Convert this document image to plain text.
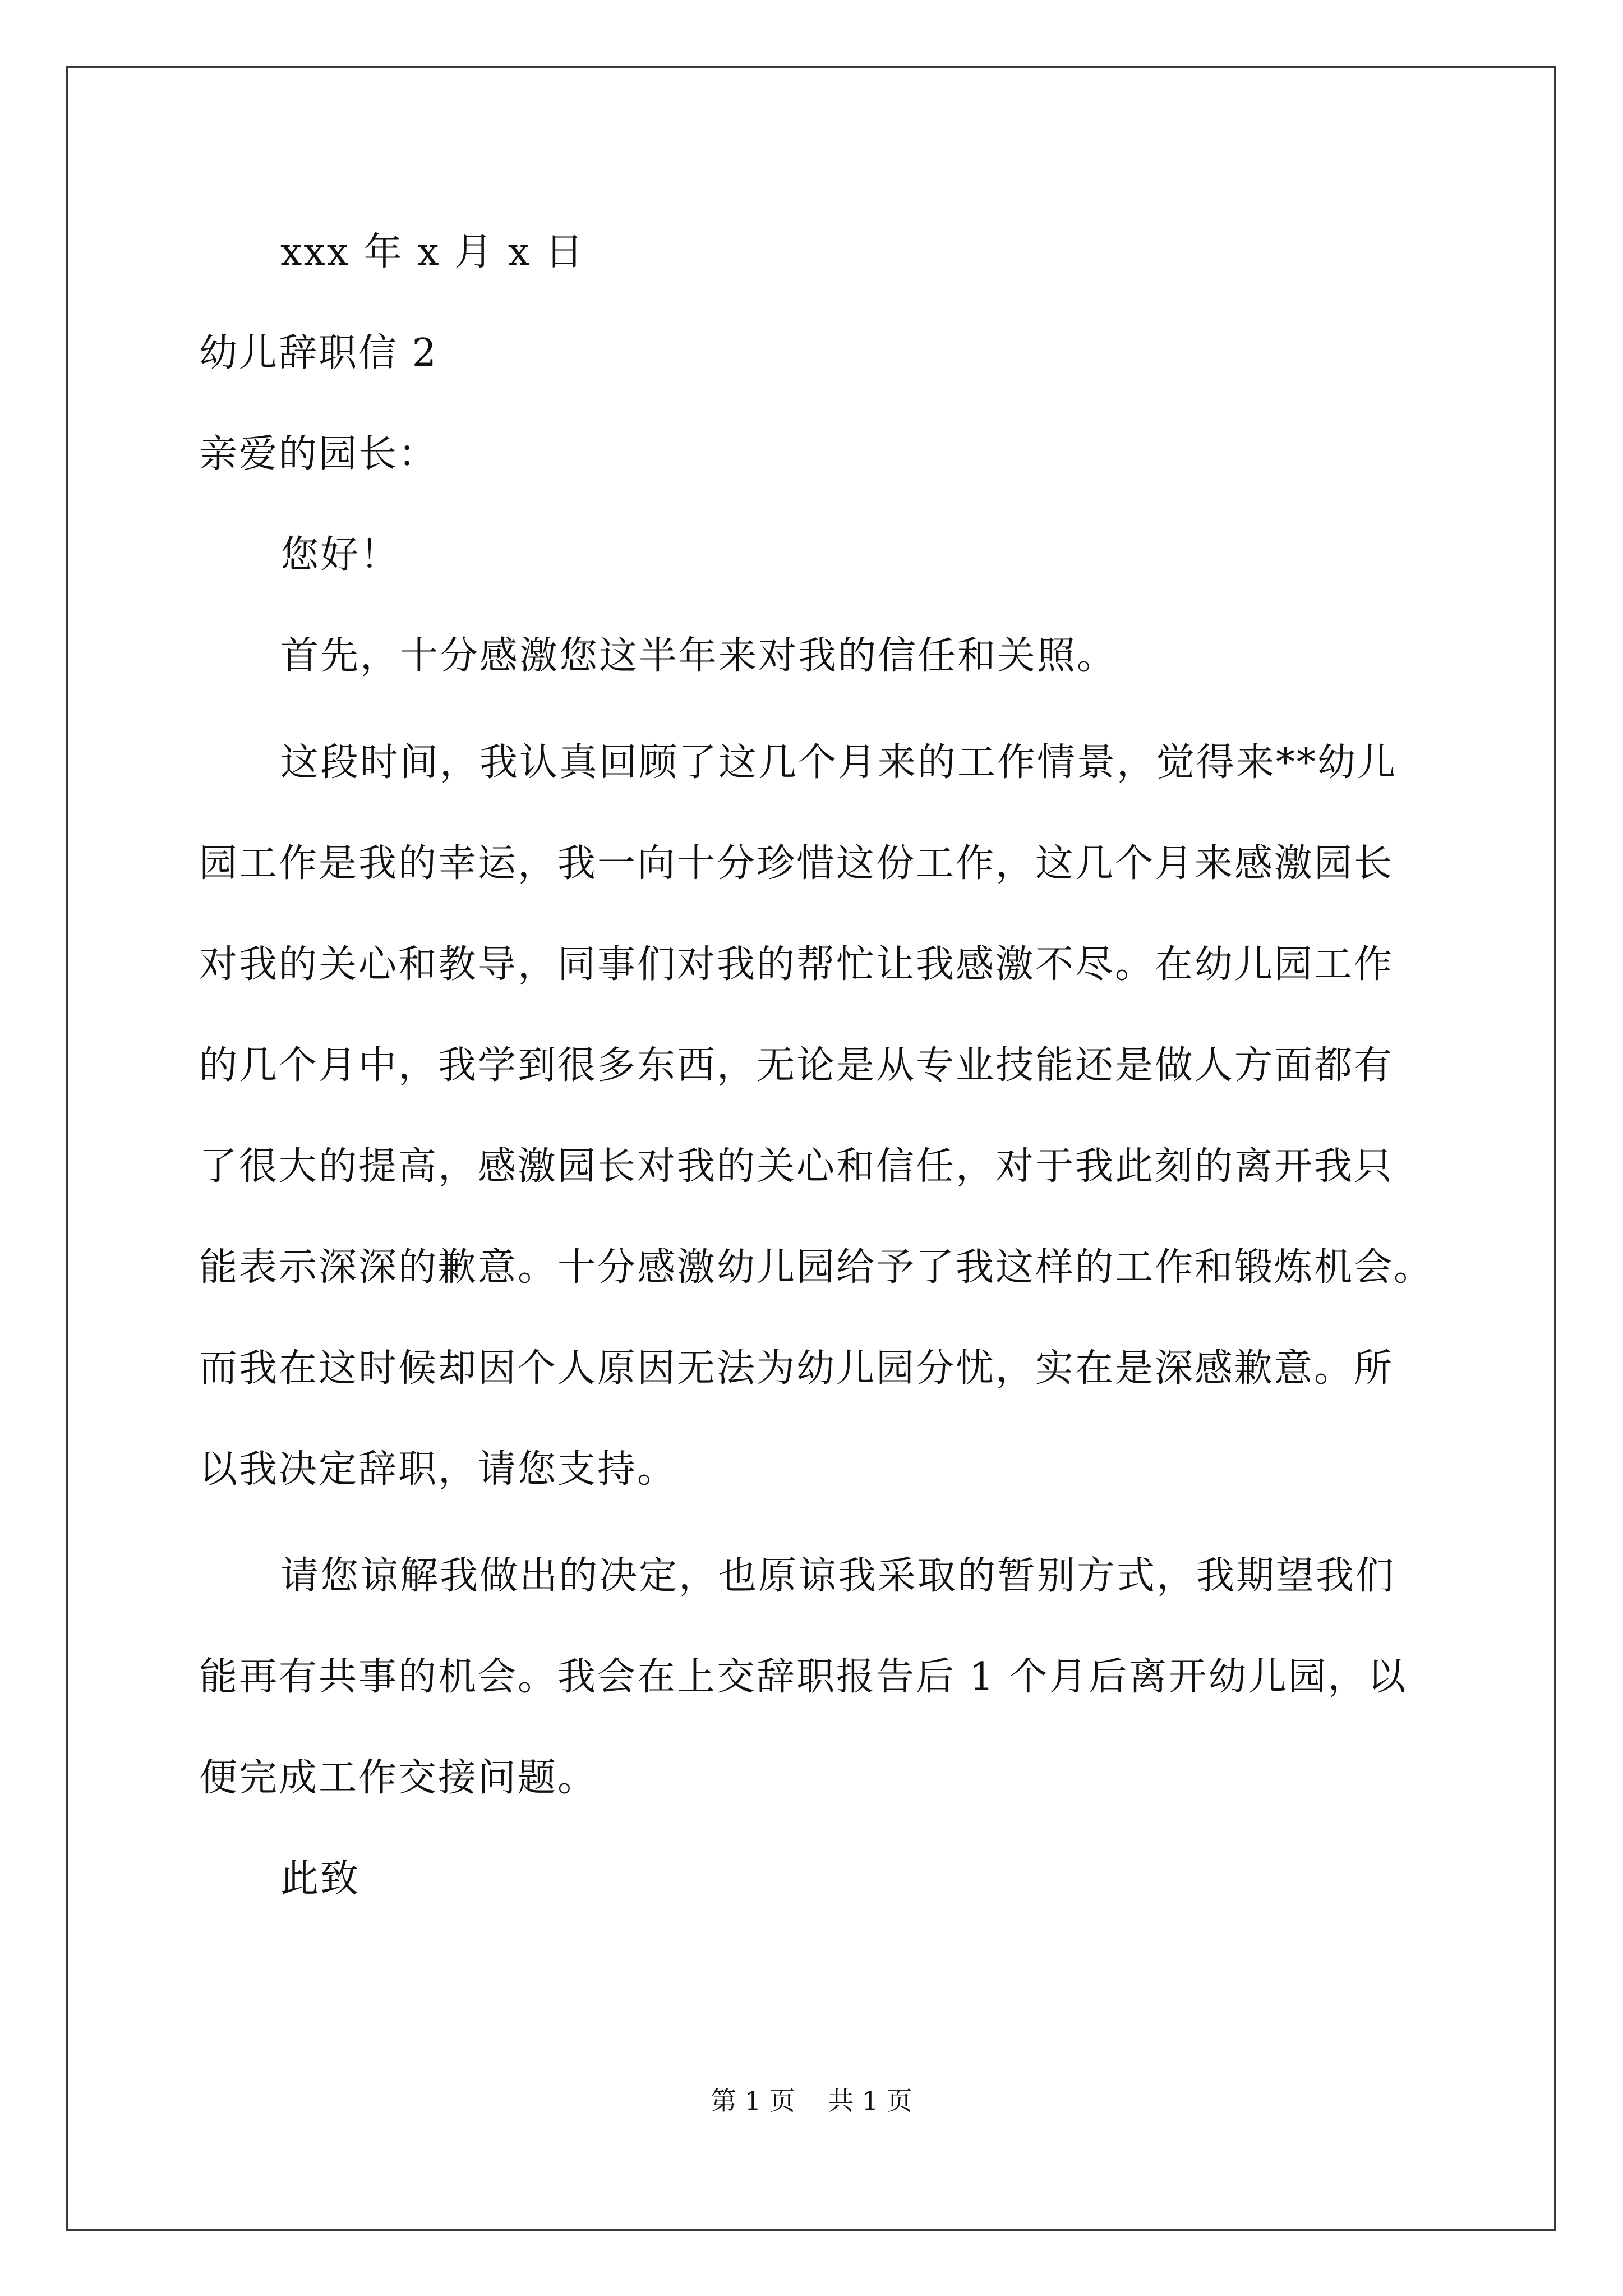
xxx 年 x 月 x 日
幼儿辞职信 2
亲爱的园长：
您好！
首先，十分感激您这半年来对我的信任和关照。
这段时间，我认真回顾了这几个月来的工作情景，觉得来**幼儿
园工作是我的幸运，我一向十分珍惜这份工作，这几个月来感激园长
对我的关心和教导，同事们对我的帮忙让我感激不尽。在幼儿园工作
的几个月中，我学到很多东西，无论是从专业技能还是做人方面都有
了很大的提高，感激园长对我的关心和信任，对于我此刻的离开我只
能表示深深的歉意。十分感激幼儿园给予了我这样的工作和锻炼机会。
而我在这时候却因个人原因无法为幼儿园分忧，实在是深感歉意。所
以我决定辞职，请您支持。
请您谅解我做出的决定，也原谅我采取的暂别方式，我期望我们
能再有共事的机会。我会在上交辞职报告后 1 个月后离开幼儿园，以
便完成工作交接问题。
此致
第 1 页    共 1 页
